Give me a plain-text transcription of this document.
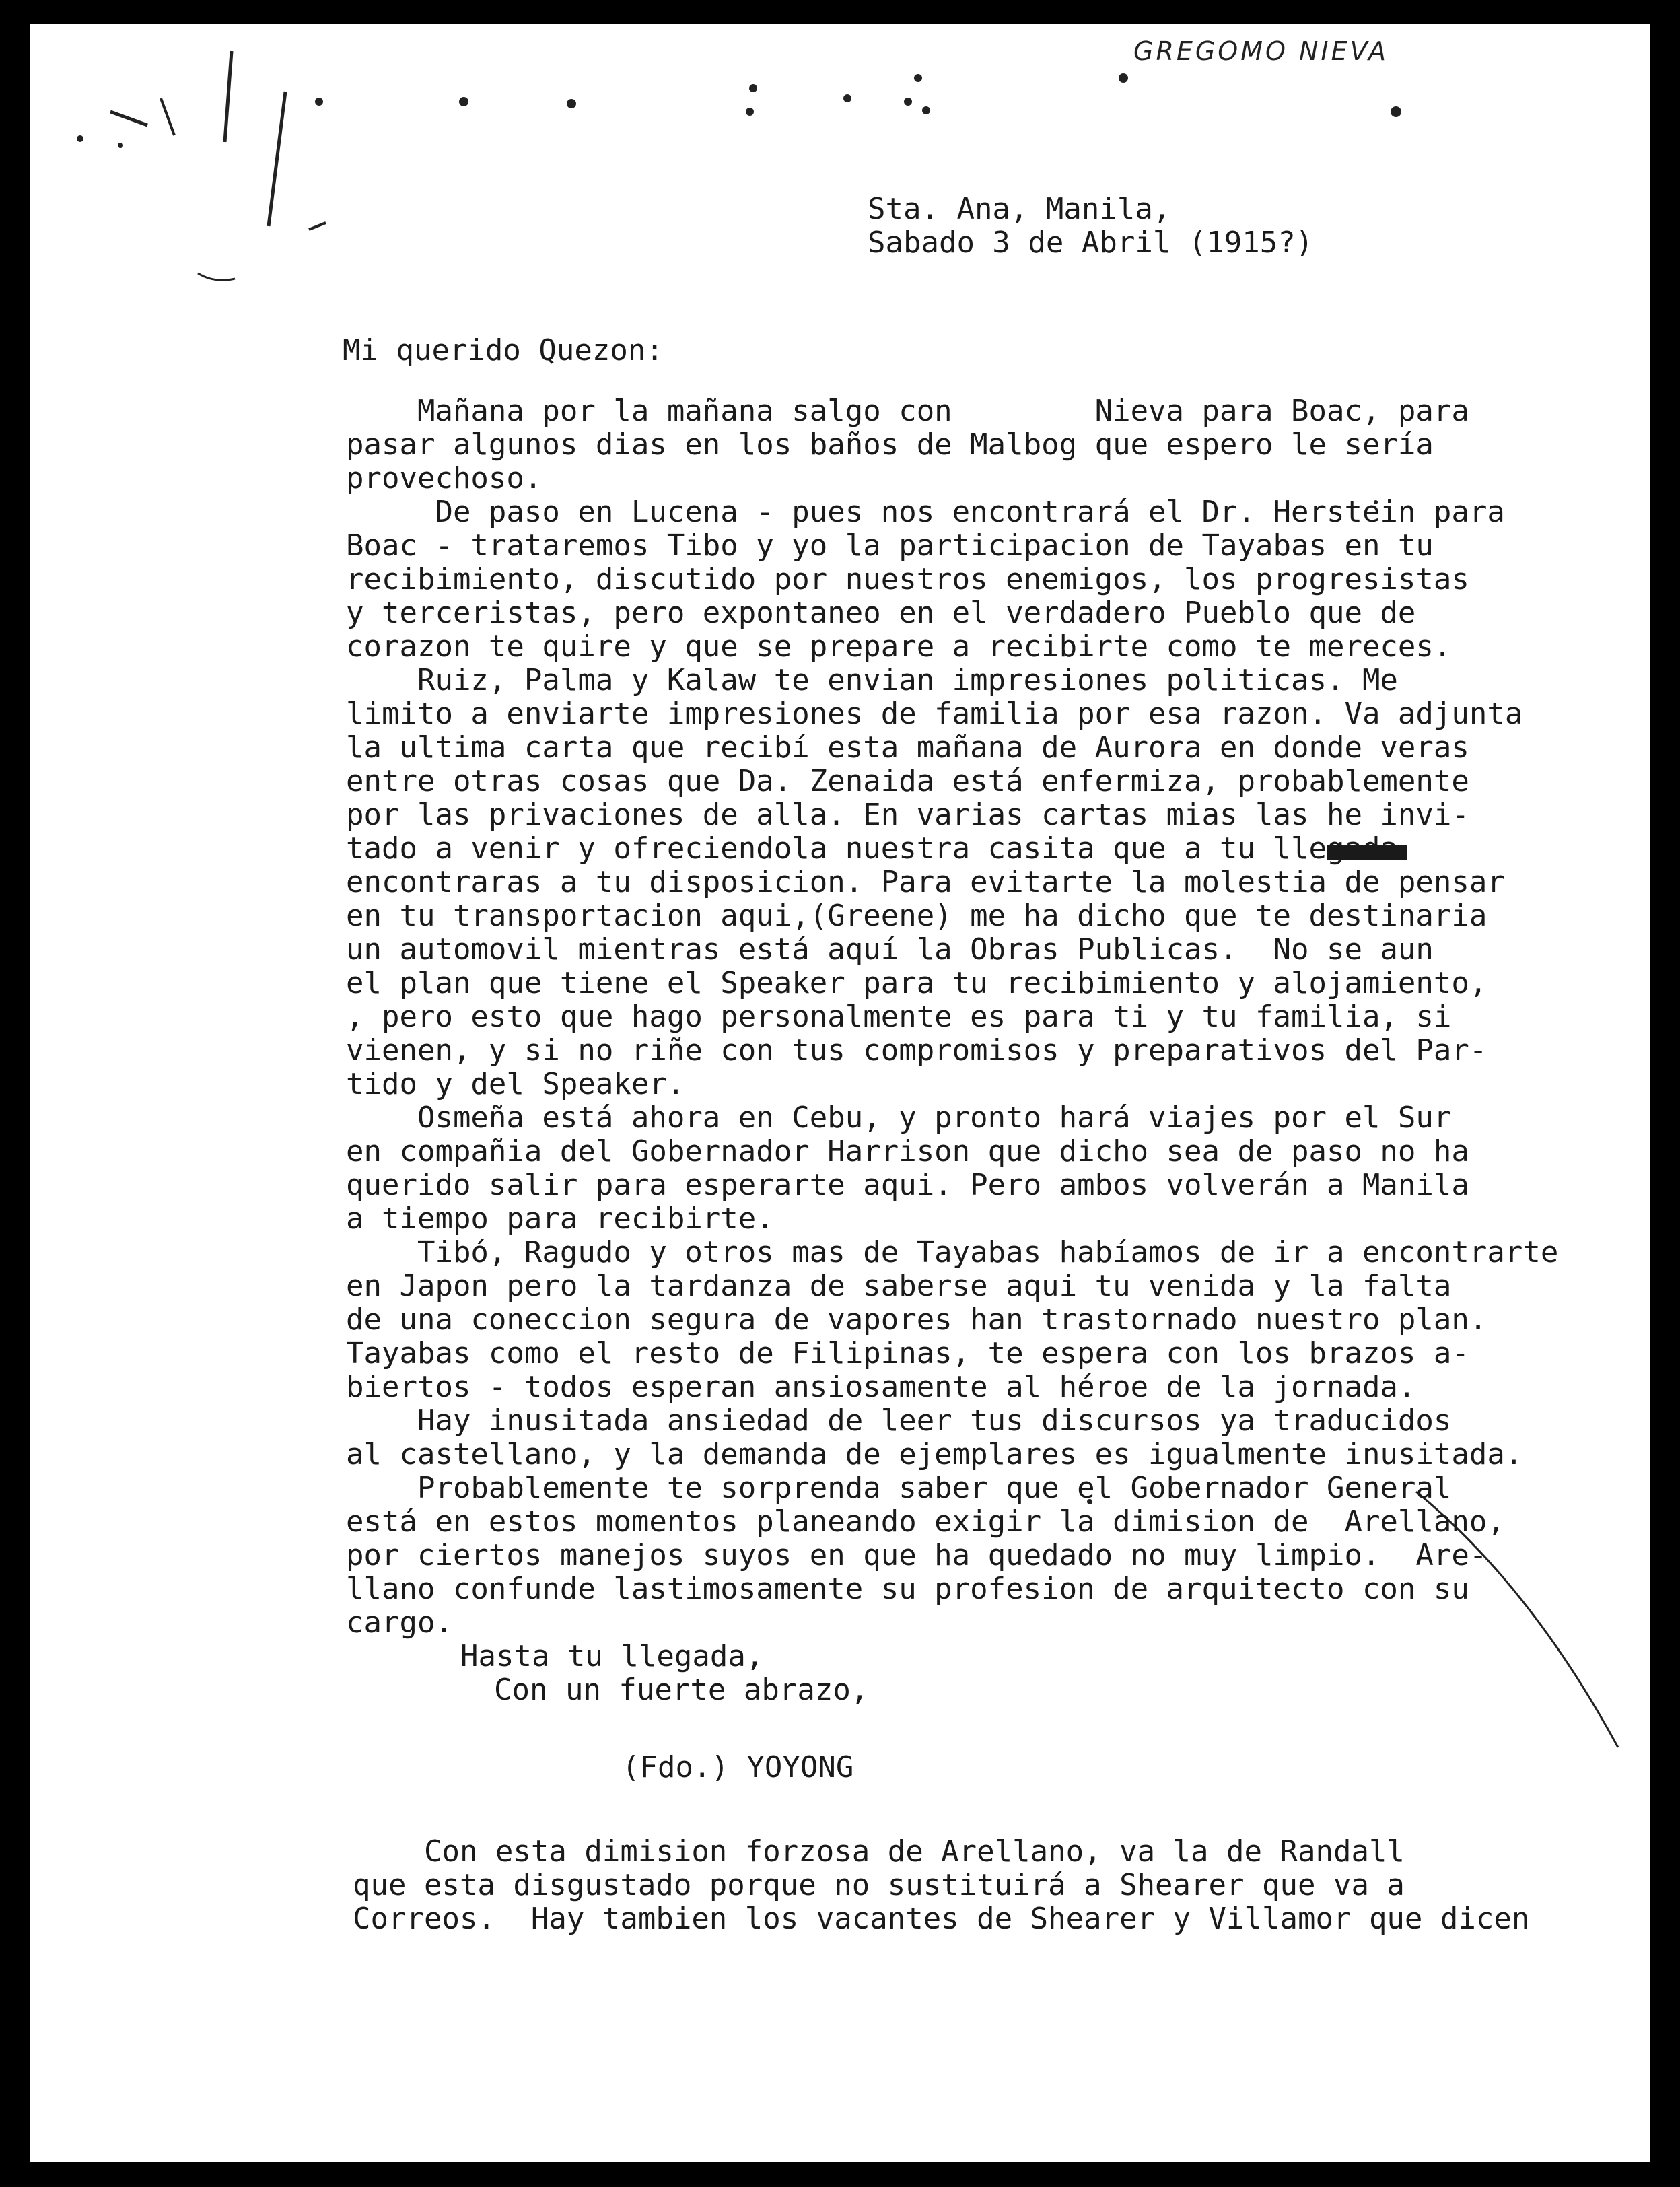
GREGOMO NIEVA

Sta. Ana, Manila,

Sabado 3 de Abril (1915?)

Mi querido Quezon:

Mañana por la mañana salgo con        Nieva para Boac, para

pasar algunos dias en los baños de Malbog que espero le sería

provechoso.

De paso en Lucena - pues nos encontrará el Dr. Herstein para

Boac - trataremos Tibo y yo la participacion de Tayabas en tu

recibimiento, discutido por nuestros enemigos, los progresistas

y terceristas, pero expontaneo en el verdadero Pueblo que de

corazon te quire y que se prepare a recibirte como te mereces.

Ruiz, Palma y Kalaw te envian impresiones politicas. Me

limito a enviarte impresiones de familia por esa razon. Va adjunta

la ultima carta que recibí esta mañana de Aurora en donde veras

entre otras cosas que Da. Zenaida está enfermiza, probablemente

por las privaciones de alla. En varias cartas mias las he invi-

tado a venir y ofreciendola nuestra casita que a tu llegada

encontraras a tu disposicion. Para evitarte la molestia de pensar

en tu transportacion aqui,(Greene) me ha dicho que te destinaria

un automovil mientras está aquí la Obras Publicas.  No se aun

el plan que tiene el Speaker para tu recibimiento y alojamiento,

, pero esto que hago personalmente es para ti y tu familia, si

vienen, y si no riñe con tus compromisos y preparativos del Par-

tido y del Speaker.

Osmeña está ahora en Cebu, y pronto hará viajes por el Sur

en compañia del Gobernador Harrison que dicho sea de paso no ha

querido salir para esperarte aqui. Pero ambos volverán a Manila

a tiempo para recibirte.

Tibó, Ragudo y otros mas de Tayabas habíamos de ir a encontrarte

en Japon pero la tardanza de saberse aqui tu venida y la falta

de una coneccion segura de vapores han trastornado nuestro plan.

Tayabas como el resto de Filipinas, te espera con los brazos a-

biertos - todos esperan ansiosamente al héroe de la jornada.

Hay inusitada ansiedad de leer tus discursos ya traducidos

al castellano, y la demanda de ejemplares es igualmente inusitada.

Probablemente te sorprenda saber que el Gobernador General

está en estos momentos planeando exigir la dimision de  Arellano,

por ciertos manejos suyos en que ha quedado no muy limpio.  Are-

llano confunde lastimosamente su profesion de arquitecto con su

cargo.

Hasta tu llegada,

Con un fuerte abrazo,

(Fdo.) YOYONG

Con esta dimision forzosa de Arellano, va la de Randall

que esta disgustado porque no sustituirá a Shearer que va a

Correos.  Hay tambien los vacantes de Shearer y Villamor que dicen
